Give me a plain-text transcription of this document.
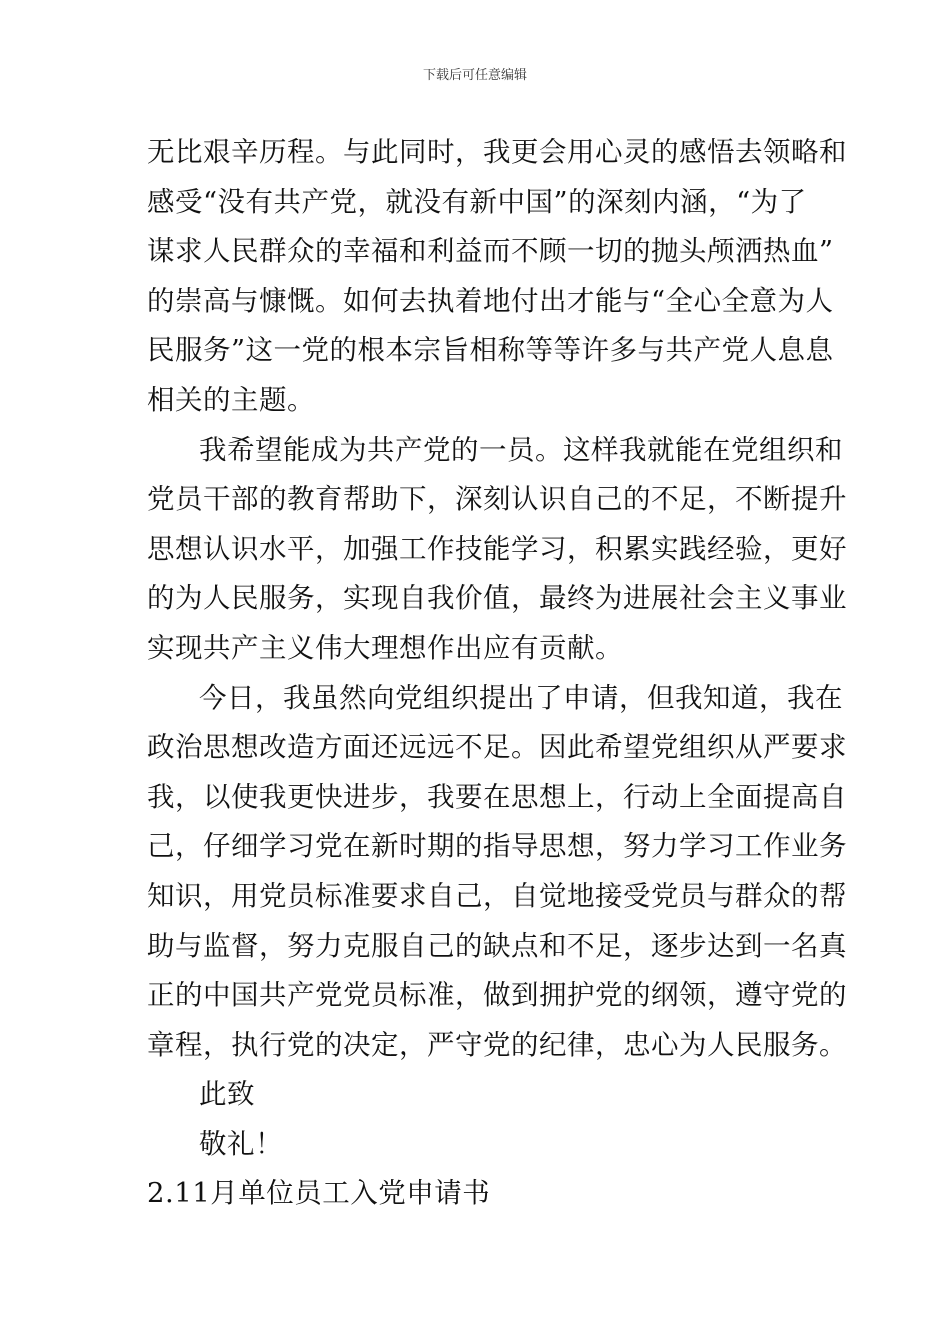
下载后可任意编辑
无比艰辛历程。与此同时，我更会用心灵的感悟去领略和
感受“没有共产党，就没有新中国”的深刻内涵，“为了
谋求人民群众的幸福和利益而不顾一切的抛头颅洒热血”
的崇高与慷慨。如何去执着地付出才能与“全心全意为人
民服务”这一党的根本宗旨相称等等许多与共产党人息息
相关的主题。
我希望能成为共产党的一员。这样我就能在党组织和
党员干部的教育帮助下，深刻认识自己的不足，不断提升
思想认识水平，加强工作技能学习，积累实践经验，更好
的为人民服务，实现自我价值，最终为进展社会主义事业
实现共产主义伟大理想作出应有贡献。
今日，我虽然向党组织提出了申请，但我知道，我在
政治思想改造方面还远远不足。因此希望党组织从严要求
我，以使我更快进步，我要在思想上，行动上全面提高自
己，仔细学习党在新时期的指导思想，努力学习工作业务
知识，用党员标准要求自己，自觉地接受党员与群众的帮
助与监督，努力克服自己的缺点和不足，逐步达到一名真
正的中国共产党党员标准，做到拥护党的纲领，遵守党的
章程，执行党的决定，严守党的纪律，忠心为人民服务。
此致
敬礼！
2.11月单位员工入党申请书
